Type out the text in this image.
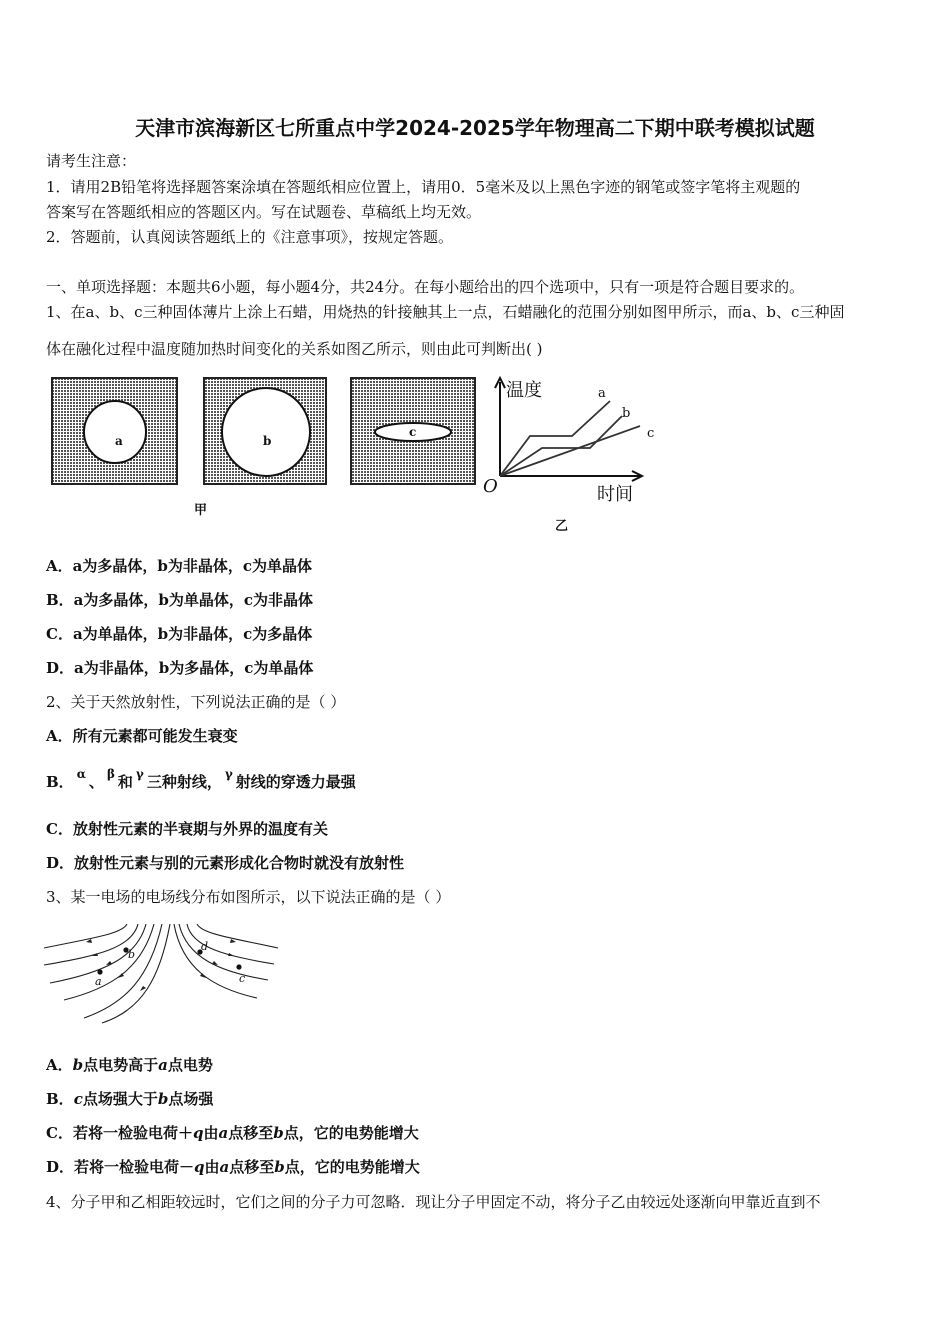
天津市滨海新区七所重点中学2024-2025学年物理高二下期中联考模拟试题
请考生注意：
1．请用2B铅笔将选择题答案涂填在答题纸相应位置上，请用0．5毫米及以上黑色字迹的钢笔或签字笔将主观题的
答案写在答题纸相应的答题区内。写在试题卷、草稿纸上均无效。
2．答题前，认真阅读答题纸上的《注意事项》，按规定答题。
一、单项选择题：本题共6小题，每小题4分，共24分。在每小题给出的四个选项中，只有一项是符合题目要求的。
1、在a、b、c三种固体薄片上涂上石蜡，用烧热的针接触其上一点，石蜡融化的范围分别如图甲所示，而a、b、c三种固
体在融化过程中温度随加热时间变化的关系如图乙所示，则由此可判断出( )
a	b
c
甲
温度
时间
O
a
b
c
乙
A．a为多晶体，b为非晶体，c为单晶体
B．a为多晶体，b为单晶体，c为非晶体
C．a为单晶体，b为非晶体，c为多晶体
D．a为非晶体，b为多晶体，c为单晶体
2、关于天然放射性，下列说法正确的是（ ）
A．所有元素都可能发生衰变
B． $^\alpha$ 、 $^\beta$ 和 $^\gamma$ 三种射线， $^\gamma$ 射线的穿透力最强
C．放射性元素的半衰期与外界的温度有关
D．放射性元素与别的元素形成化合物时就没有放射性
3、某一电场的电场线分布如图所示，以下说法正确的是（ ）
a
b
c
d
A．b点电势高于a点电势
B．c点场强大于b点场强
C．若将一检验电荷＋q由a点移至b点，它的电势能增大
D．若将一检验电荷－q由a点移至b点，它的电势能增大
4、分子甲和乙相距较远时，它们之间的分子力可忽略．现让分子甲固定不动，将分子乙由较远处逐渐向甲靠近直到不
